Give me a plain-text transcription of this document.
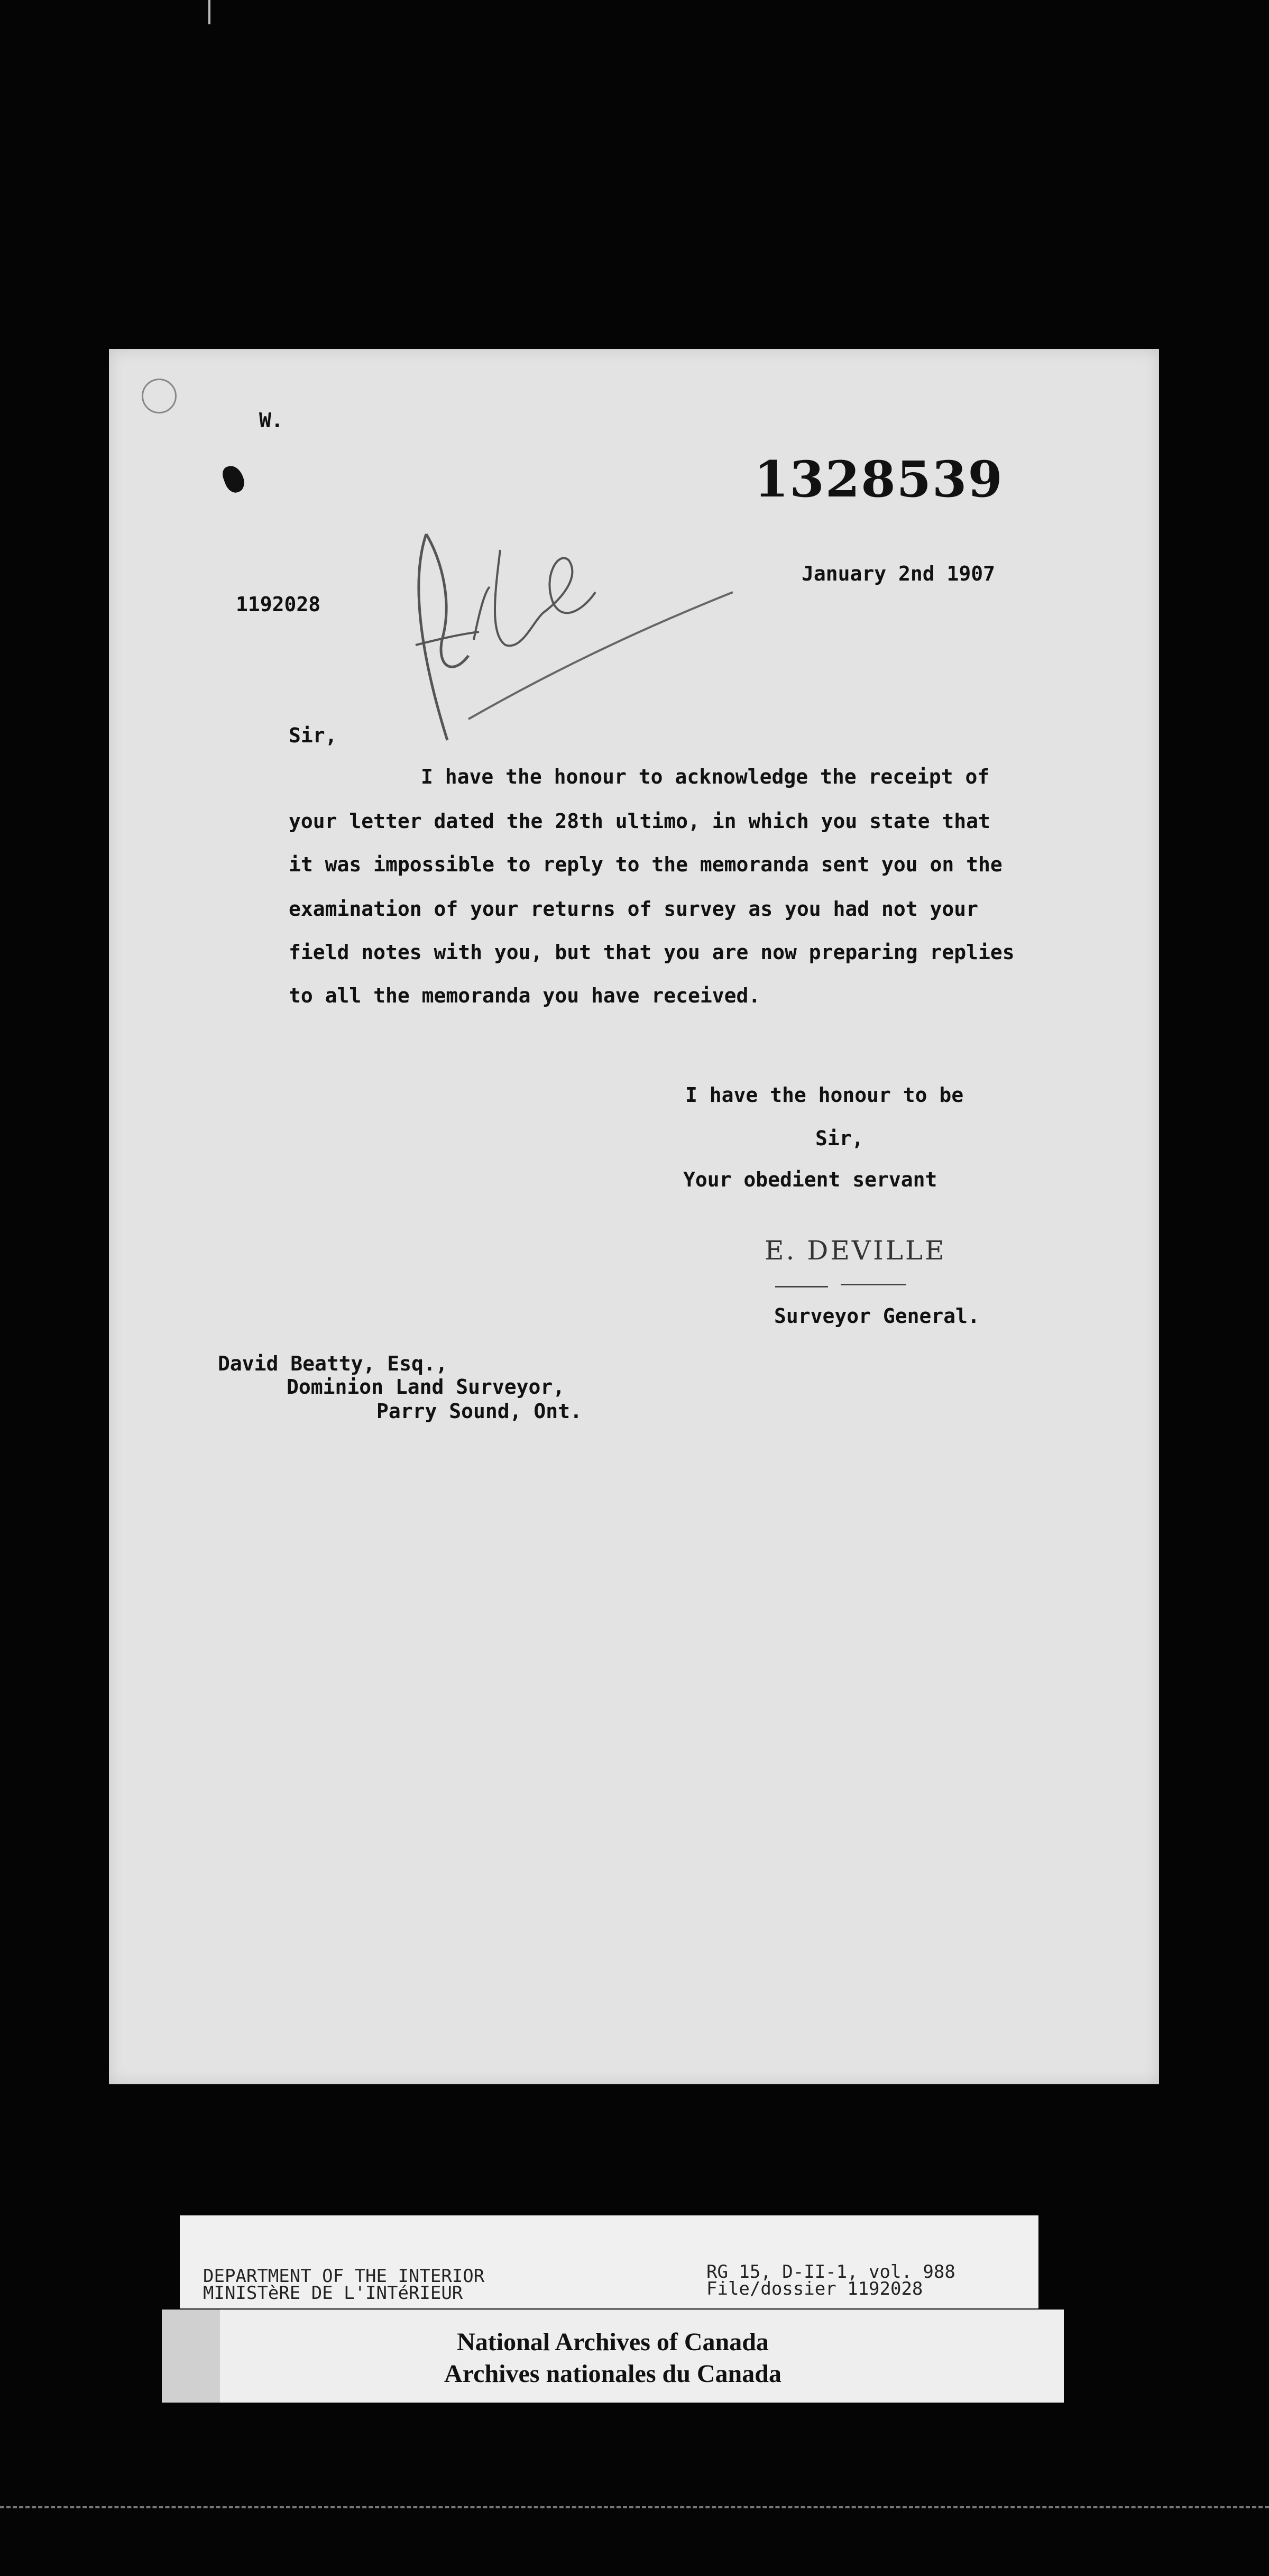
W.
1328539
January 2nd 1907
1192028
file
Sir,
I have the honour to acknowledge the receipt of
your letter dated the 28th ultimo, in which you state that
it was impossible to reply to the memoranda sent you on the
examination of your returns of survey as you had not your
field notes with you, but that you are now preparing replies
to all the memoranda you have received.
I have the honour to be
Sir,
Your obedient servant
E. DEVILLE
Surveyor General.
David Beatty, Esq.,
Dominion Land Surveyor,
Parry Sound, Ont.
DEPARTMENT OF THE INTERIOR
MINISTèRE DE L'INTéRIEUR
RG 15, D-II-1, vol. 988
File/dossier 1192028
National Archives of Canada
Archives nationales du Canada
